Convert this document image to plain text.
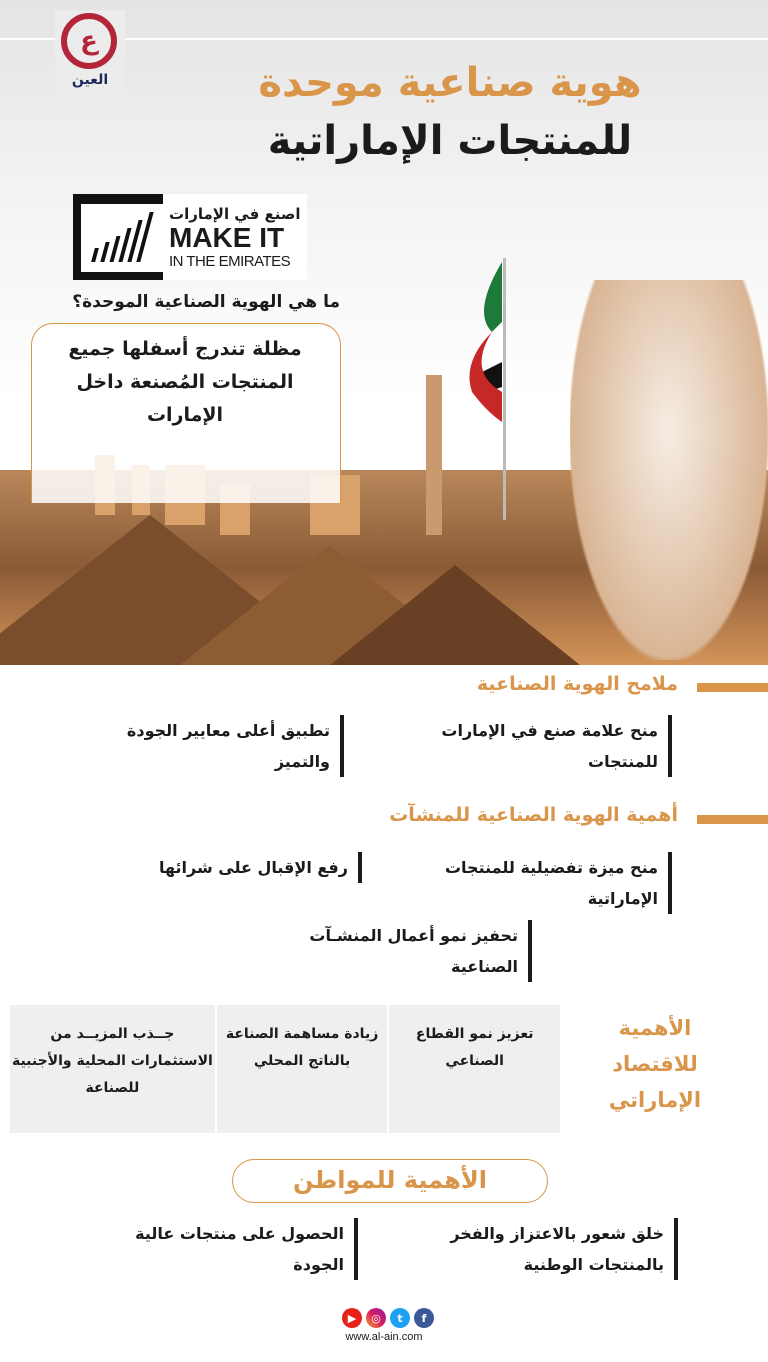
ع
العين	هوية صناعية موحدة
للمنتجات الإماراتية
اصنع في الإمارات
MAKE IT
IN THE EMIRATES
ما هي الهوية الصناعية الموحدة؟
مظلة تندرج أسفلها جميع المنتجات المُصنعة داخل الإمارات
ملامح الهوية الصناعية
منح علامة صنع في الإمارات للمنتجات
تطبيق أعلى معايير الجودة والتميز
أهمية الهوية الصناعية للمنشآت
منح ميزة تفضيلية للمنتجات الإماراتية
رفع الإقبال على شرائها
تحفيز نمو أعمال المنشـآت الصناعية
تعزيز نمو القطاع الصناعي
زيادة مساهمة الصناعة بالناتج المحلي
جــذب المزيــد من الاستثمارات المحلية والأجنبية للصناعة
الأهمية للاقتصاد الإماراتي
الأهمية للمواطن
خلق شعور بالاعتزاز والفخر بالمنتجات الوطنية
الحصول على منتجات عالية الجودة
▶	◎	t	f
www.al-ain.com
